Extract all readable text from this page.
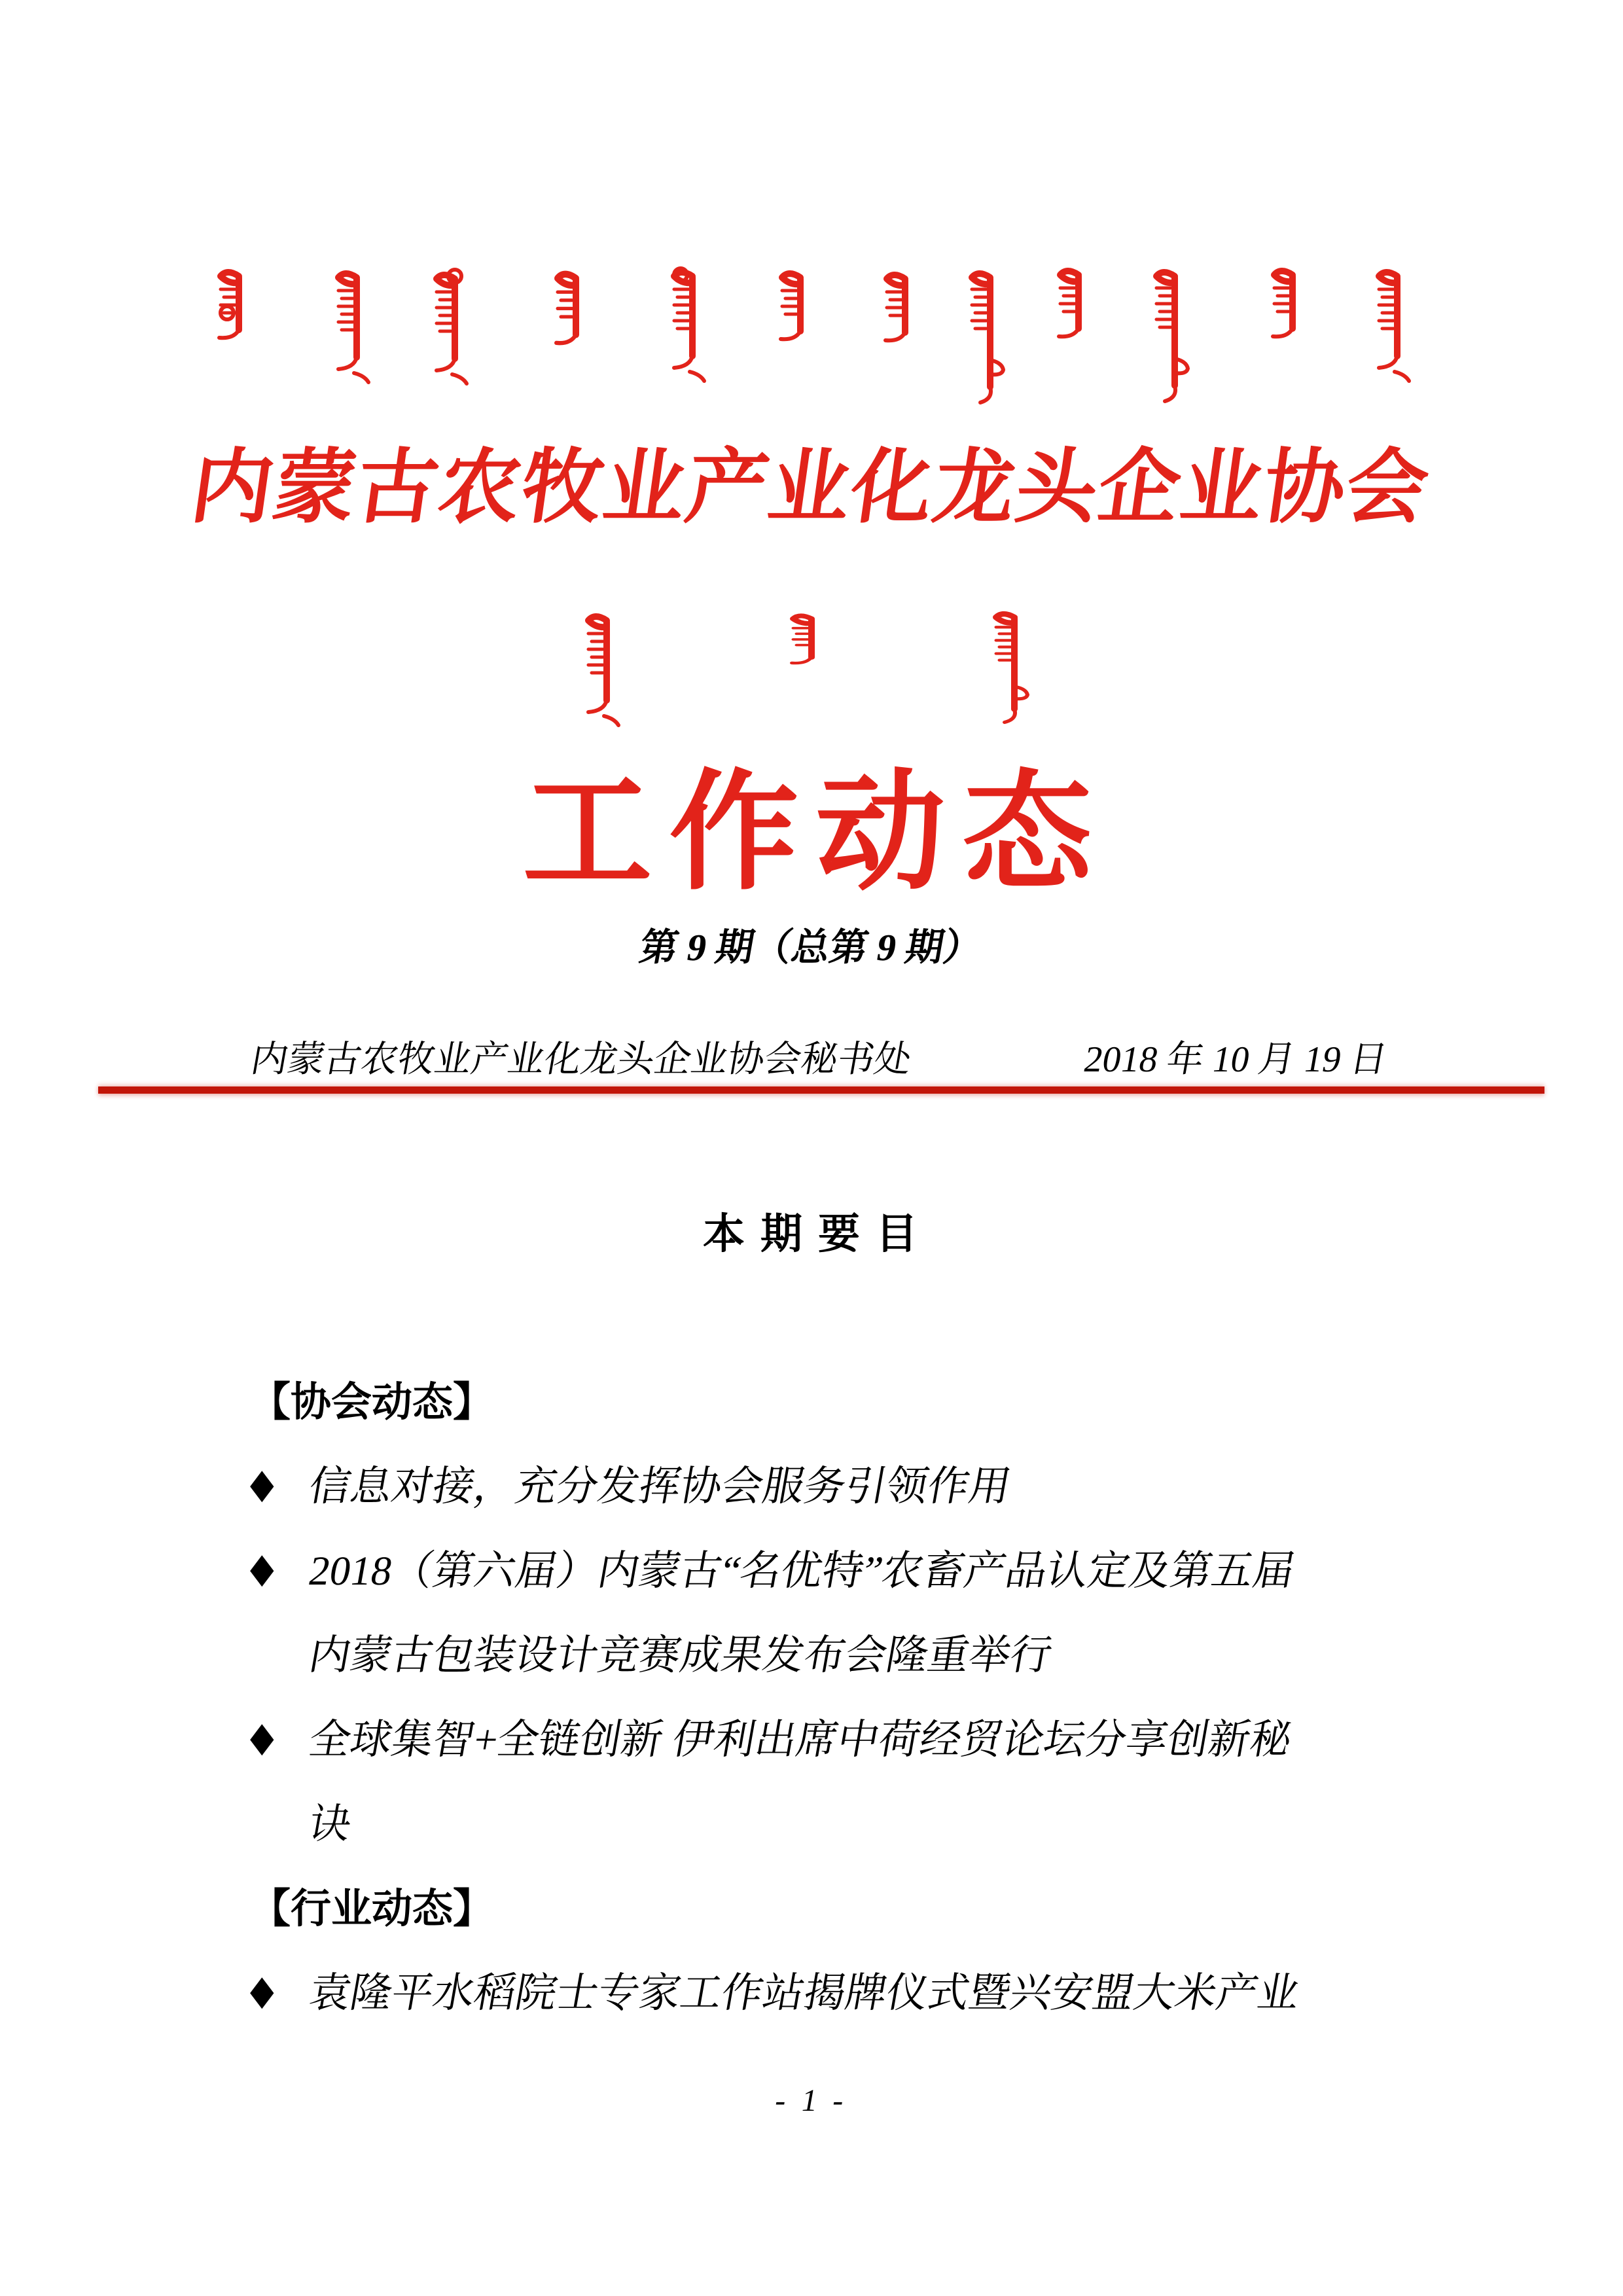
内蒙古农牧业产业化龙头企业协会
工作动态
第 9 期（总第 9 期）
内蒙古农牧业产业化龙头企业协会秘书处	2018 年 10 月 19 日
本 期 要 目
【协会动态】
◆ 信息对接，充分发挥协会服务引领作用
◆ 2018（第六届）内蒙古“名优特”农畜产品认定及第五届
内蒙古包装设计竞赛成果发布会隆重举行
◆ 全球集智+全链创新 伊利出席中荷经贸论坛分享创新秘
诀
【行业动态】
◆ 袁隆平水稻院士专家工作站揭牌仪式暨兴安盟大米产业
- 1 -
